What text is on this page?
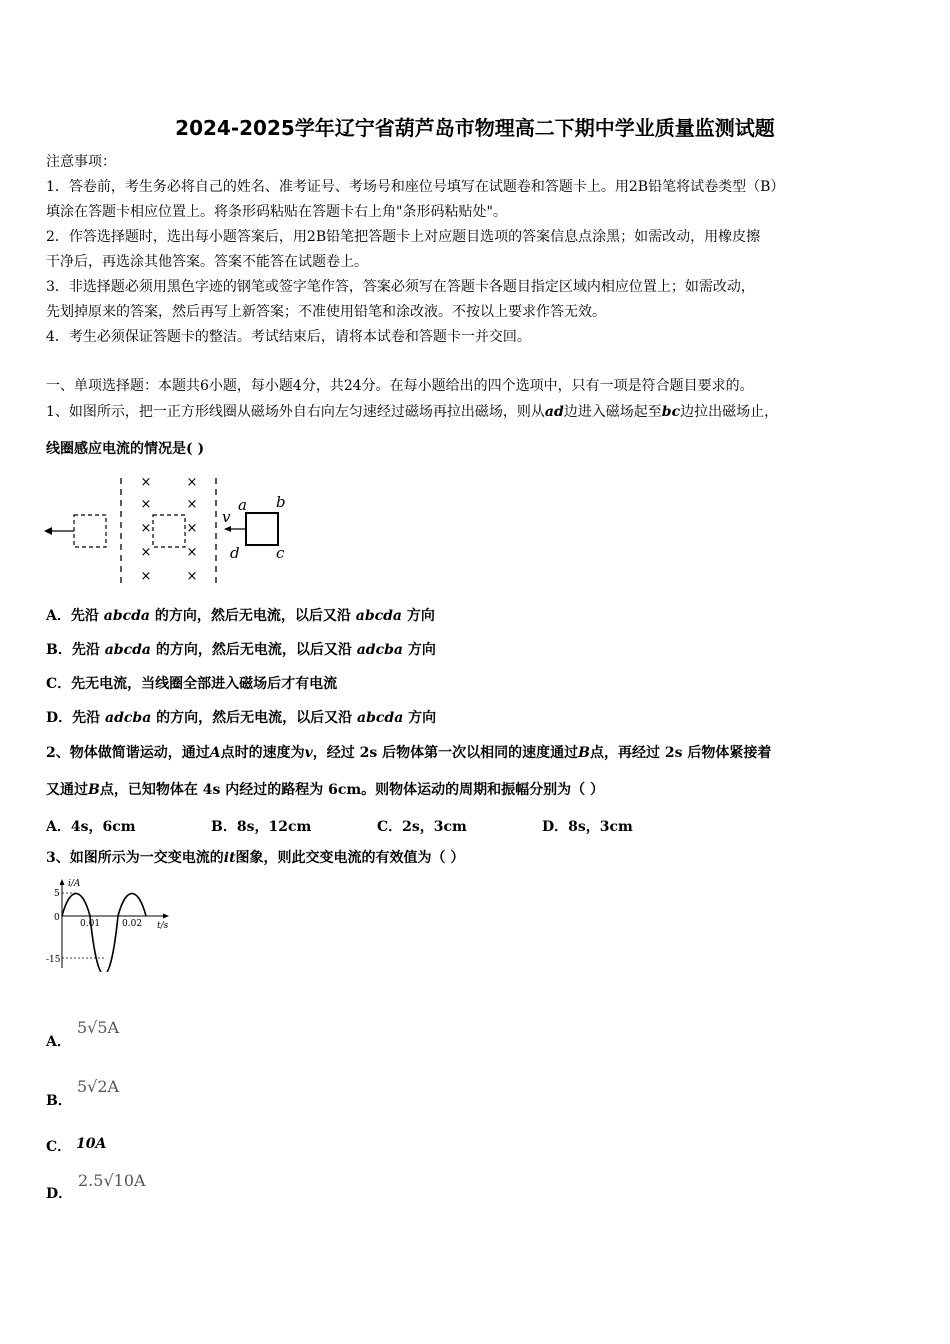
2024-2025学年辽宁省葫芦岛市物理高二下期中学业质量监测试题
注意事项：
1．答卷前，考生务必将自己的姓名、准考证号、考场号和座位号填写在试题卷和答题卡上。用2B铅笔将试卷类型（B）
填涂在答题卡相应位置上。将条形码粘贴在答题卡右上角"条形码粘贴处"。
2．作答选择题时，选出每小题答案后，用2B铅笔把答题卡上对应题目选项的答案信息点涂黑；如需改动，用橡皮擦
干净后，再选涂其他答案。答案不能答在试题卷上。
3．非选择题必须用黑色字迹的钢笔或签字笔作答，答案必须写在答题卡各题目指定区域内相应位置上；如需改动，
先划掉原来的答案，然后再写上新答案；不准使用铅笔和涂改液。不按以上要求作答无效。
4．考生必须保证答题卡的整洁。考试结束后，请将本试卷和答题卡一并交回。
一、单项选择题：本题共6小题，每小题4分，共24分。在每小题给出的四个选项中，只有一项是符合题目要求的。
1、如图所示，把一正方形线圈从磁场外自右向左匀速经过磁场再拉出磁场，则从ad边进入磁场起至bc边拉出磁场止，
线圈感应电流的情况是( )
×	×
×	×
×	×
×	×
×	×
a b
c
d
v
A．先沿 abcda 的方向，然后无电流，以后又沿 abcda 方向
B．先沿 abcda 的方向，然后无电流，以后又沿 adcba 方向
C．先无电流，当线圈全部进入磁场后才有电流
D．先沿 adcba 的方向，然后无电流，以后又沿 abcda 方向
2、物体做简谐运动，通过A点时的速度为v，经过 2s 后物体第一次以相同的速度通过B点，再经过 2s 后物体紧接着
又通过B点，已知物体在 4s 内经过的路程为 6cm。则物体运动的周期和振幅分别为（ ）
A．4s，6cm	B．8s，12cm	C．2s，3cm	D．8s，3cm
3、如图所示为一交变电流的it图象，则此交变电流的有效值为（ ）
i/A
t/s
5
0
-15
0.01 0.02
A．
5√5A
B．
5√2A
C． 10A
D．
2.5√10A
